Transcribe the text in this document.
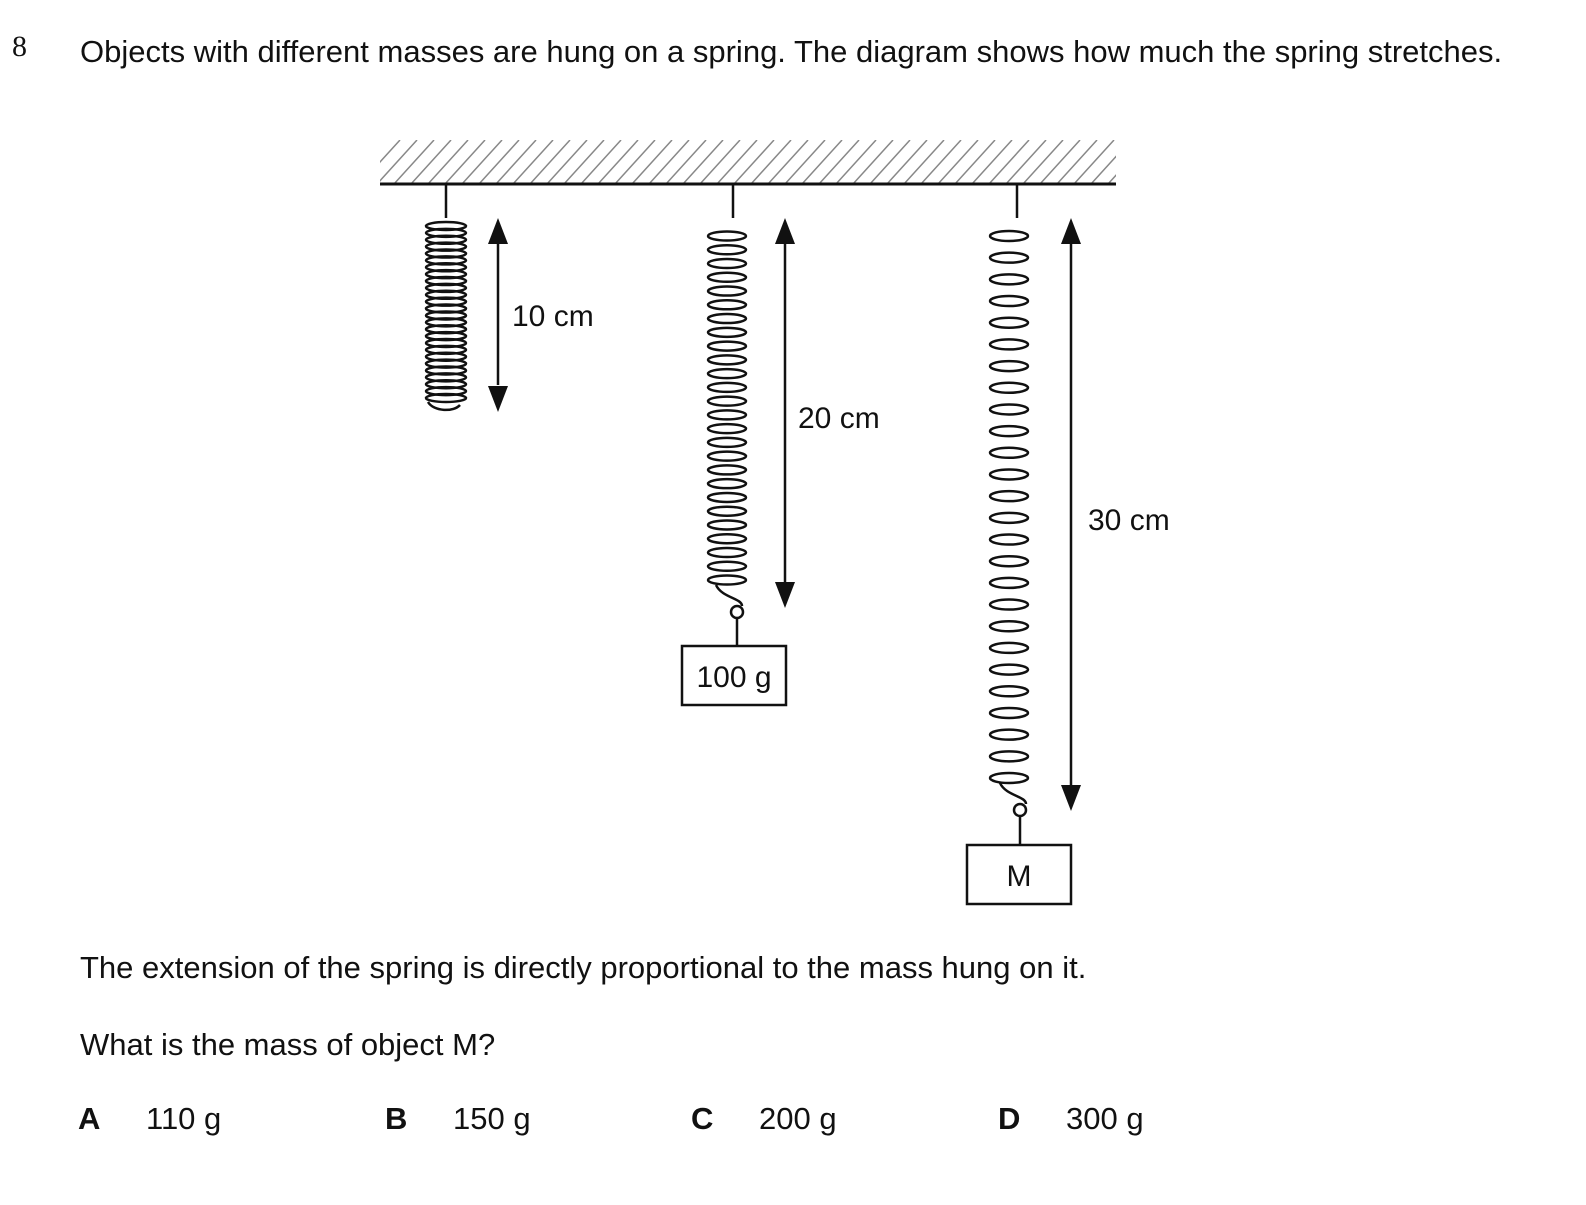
8 Objects with different masses are hung on a spring. The diagram shows how much the spring stretches.
10 cm
20 cm
30 cm
100 g
M
The extension of the spring is directly proportional to the mass hung on it.
What is the mass of object M?
A 110 g	B 150 g	C 200 g	D 300 g
